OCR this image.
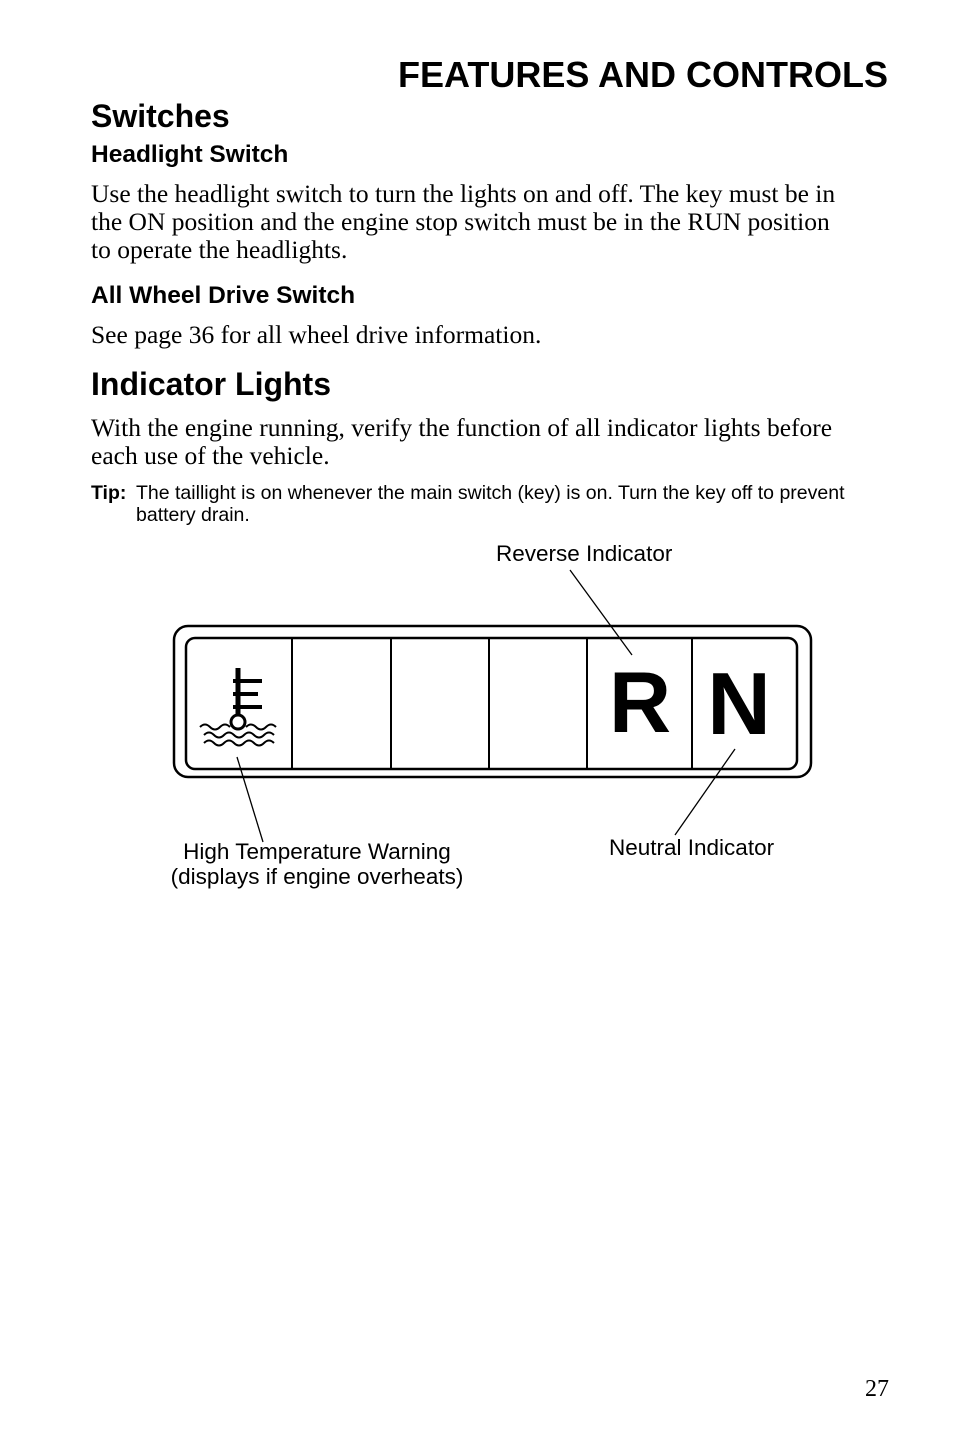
FEATURES AND CONTROLS
Switches
Headlight Switch

Use the headlight switch to turn the lights on and off. The key must be in
the ON position and the engine stop switch must be in the RUN position
to operate the headlights.

All Wheel Drive Switch

See page 36 for all wheel drive information.

Indicator Lights

With the engine running, verify the function of all indicator lights before
each use of the vehicle.

Tip: The taillight is on whenever the main switch (key) is on. Turn the key off to prevent battery drain.

R N

Reverse Indicator

Neutral Indicator

High Temperature Warning
(displays if engine overheats)

27
